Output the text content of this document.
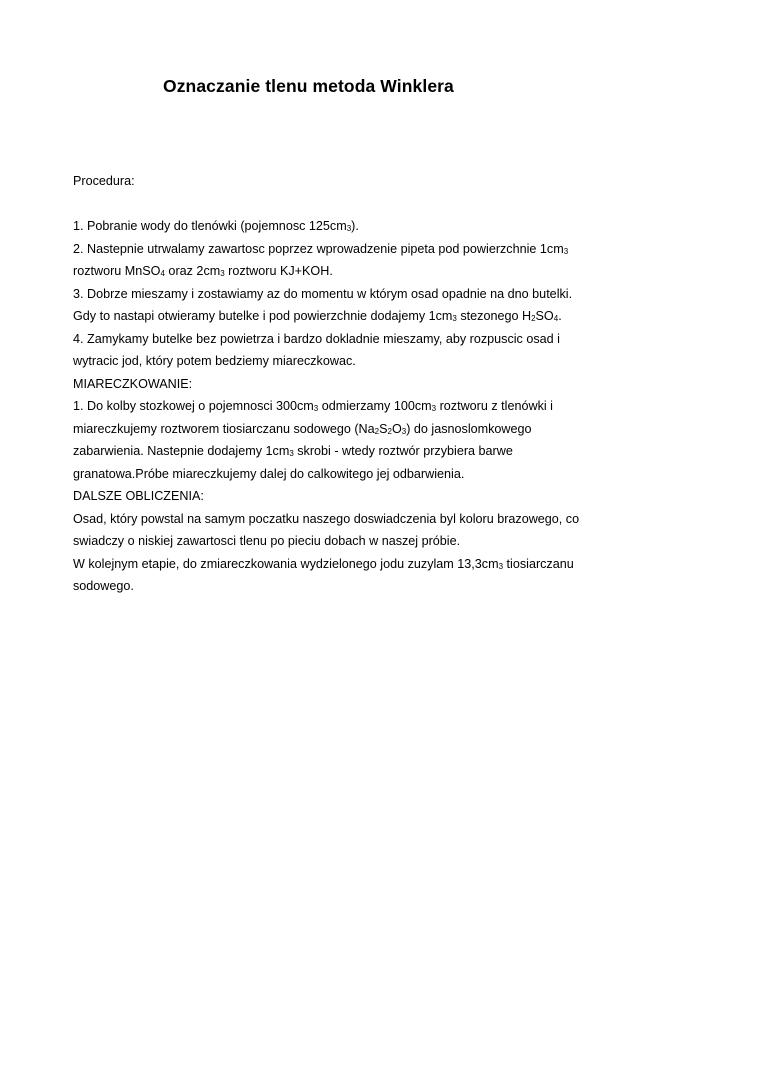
Oznaczanie tlenu metoda Winklera
Procedura:
1. Pobranie wody do tlenówki (pojemnosc $125cm_3$).
2. Nastepnie utrwalamy zawartosc poprzez wprowadzenie pipeta pod powierzchnie $1cm_3$
roztworu MnSO$_4$ oraz $2cm_3$ roztworu KJ+KOH.
3. Dobrze mieszamy i zostawiamy az do momentu w którym osad opadnie na dno butelki.
Gdy to nastapi otwieramy butelke i pod powierzchnie dodajemy $1cm_3$ stezonego $H_2SO_4$.
4. Zamykamy butelke bez powietrza i bardzo dokladnie mieszamy, aby rozpuscic osad i
wytracic jod, który potem bedziemy miareczkowac.
MIARECZKOWANIE:
1. Do kolby stozkowej o pojemnosci $300cm_3$ odmierzamy $100cm_3$ roztworu z tlenówki i
miareczkujemy roztworem tiosiarczanu sodowego $(Na_2S_2O_3)$ do jasnoslomkowego
zabarwienia. Nastepnie dodajemy $1cm_3$ skrobi - wtedy roztwór przybiera barwe
granatowa.Próbe miareczkujemy dalej do calkowitego jej odbarwienia.
DALSZE OBLICZENIA:
Osad, który powstal na samym poczatku naszego doswiadczenia byl koloru brazowego, co
swiadczy o niskiej zawartosci tlenu po pieciu dobach w naszej próbie.
W kolejnym etapie, do zmiareczkowania wydzielonego jodu zuzylam $13,3cm_3$ tiosiarczanu
sodowego.
